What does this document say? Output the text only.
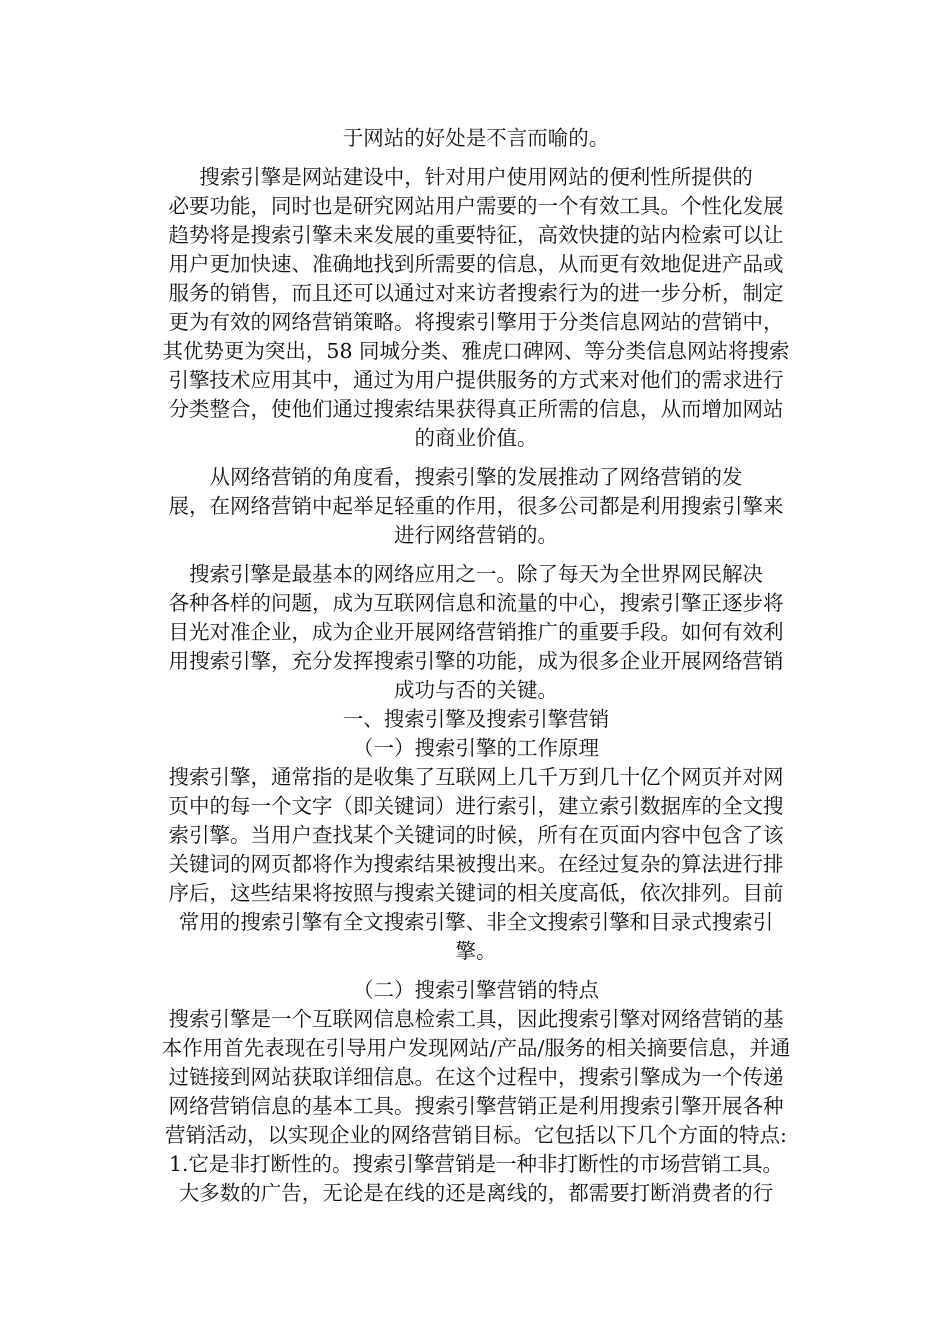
于网站的好处是不言而喻的。

搜索引擎是网站建设中，针对用户使用网站的便利性所提供的
必要功能，同时也是研究网站用户需要的一个有效工具。个性化发展
趋势将是搜索引擎未来发展的重要特征，高效快捷的站内检索可以让
用户更加快速、准确地找到所需要的信息，从而更有效地促进产品或
服务的销售，而且还可以通过对来访者搜索行为的进一步分析，制定
更为有效的网络营销策略。将搜索引擎用于分类信息网站的营销中，
其优势更为突出，58 同城分类、雅虎口碑网、等分类信息网站将搜索
引擎技术应用其中，通过为用户提供服务的方式来对他们的需求进行
分类整合，使他们通过搜索结果获得真正所需的信息，从而增加网站
的商业价值。

从网络营销的角度看，搜索引擎的发展推动了网络营销的发
展，在网络营销中起举足轻重的作用，很多公司都是利用搜索引擎来
进行网络营销的。

搜索引擎是最基本的网络应用之一。除了每天为全世界网民解决
各种各样的问题，成为互联网信息和流量的中心，搜索引擎正逐步将
目光对准企业，成为企业开展网络营销推广的重要手段。如何有效利
用搜索引擎，充分发挥搜索引擎的功能，成为很多企业开展网络营销
成功与否的关键。

一、搜索引擎及搜索引擎营销
（一）搜索引擎的工作原理

搜索引擎，通常指的是收集了互联网上几千万到几十亿个网页并对网
页中的每一个文字（即关键词）进行索引，建立索引数据库的全文搜
索引擎。当用户查找某个关键词的时候，所有在页面内容中包含了该
关键词的网页都将作为搜索结果被搜出来。在经过复杂的算法进行排
序后，这些结果将按照与搜索关键词的相关度高低，依次排列。目前
常用的搜索引擎有全文搜索引擎、非全文搜索引擎和目录式搜索引
擎。

（二）搜索引擎营销的特点

搜索引擎是一个互联网信息检索工具，因此搜索引擎对网络营销的基
本作用首先表现在引导用户发现网站/产品/服务的相关摘要信息，并通
过链接到网站获取详细信息。在这个过程中，搜索引擎成为一个传递
网络营销信息的基本工具。搜索引擎营销正是利用搜索引擎开展各种
营销活动，以实现企业的网络营销目标。它包括以下几个方面的特点:
1.它是非打断性的。搜索引擎营销是一种非打断性的市场营销工具。
大多数的广告，无论是在线的还是离线的，都需要打断消费者的行
